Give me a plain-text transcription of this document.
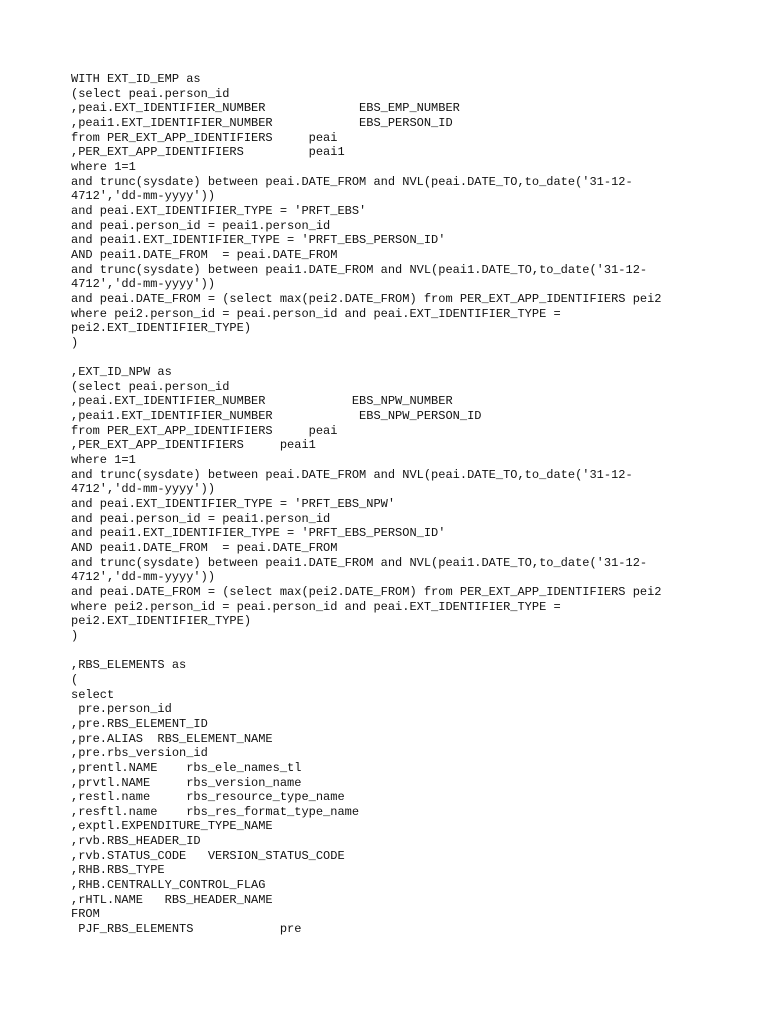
WITH EXT_ID_EMP as
(select peai.person_id
,peai.EXT_IDENTIFIER_NUMBER             EBS_EMP_NUMBER
,peai1.EXT_IDENTIFIER_NUMBER            EBS_PERSON_ID
from PER_EXT_APP_IDENTIFIERS     peai
,PER_EXT_APP_IDENTIFIERS         peai1
where 1=1
and trunc(sysdate) between peai.DATE_FROM and NVL(peai.DATE_TO,to_date('31-12-
4712','dd-mm-yyyy'))
and peai.EXT_IDENTIFIER_TYPE = 'PRFT_EBS'
and peai.person_id = peai1.person_id
and peai1.EXT_IDENTIFIER_TYPE = 'PRFT_EBS_PERSON_ID'
AND peai1.DATE_FROM  = peai.DATE_FROM
and trunc(sysdate) between peai1.DATE_FROM and NVL(peai1.DATE_TO,to_date('31-12-
4712','dd-mm-yyyy'))
and peai.DATE_FROM = (select max(pei2.DATE_FROM) from PER_EXT_APP_IDENTIFIERS pei2
where pei2.person_id = peai.person_id and peai.EXT_IDENTIFIER_TYPE =
pei2.EXT_IDENTIFIER_TYPE)
)
,EXT_ID_NPW as
(select peai.person_id
,peai.EXT_IDENTIFIER_NUMBER            EBS_NPW_NUMBER
,peai1.EXT_IDENTIFIER_NUMBER            EBS_NPW_PERSON_ID
from PER_EXT_APP_IDENTIFIERS     peai
,PER_EXT_APP_IDENTIFIERS     peai1
where 1=1
and trunc(sysdate) between peai.DATE_FROM and NVL(peai.DATE_TO,to_date('31-12-
4712','dd-mm-yyyy'))
and peai.EXT_IDENTIFIER_TYPE = 'PRFT_EBS_NPW'
and peai.person_id = peai1.person_id
and peai1.EXT_IDENTIFIER_TYPE = 'PRFT_EBS_PERSON_ID'
AND peai1.DATE_FROM  = peai.DATE_FROM
and trunc(sysdate) between peai1.DATE_FROM and NVL(peai1.DATE_TO,to_date('31-12-
4712','dd-mm-yyyy'))
and peai.DATE_FROM = (select max(pei2.DATE_FROM) from PER_EXT_APP_IDENTIFIERS pei2
where pei2.person_id = peai.person_id and peai.EXT_IDENTIFIER_TYPE =
pei2.EXT_IDENTIFIER_TYPE)
)
,RBS_ELEMENTS as
(
select
pre.person_id
,pre.RBS_ELEMENT_ID
,pre.ALIAS  RBS_ELEMENT_NAME
,pre.rbs_version_id
,prentl.NAME    rbs_ele_names_tl
,prvtl.NAME     rbs_version_name
,restl.name     rbs_resource_type_name
,resftl.name    rbs_res_format_type_name
,exptl.EXPENDITURE_TYPE_NAME
,rvb.RBS_HEADER_ID
,rvb.STATUS_CODE   VERSION_STATUS_CODE
,RHB.RBS_TYPE
,RHB.CENTRALLY_CONTROL_FLAG
,rHTL.NAME   RBS_HEADER_NAME
FROM
PJF_RBS_ELEMENTS            pre
